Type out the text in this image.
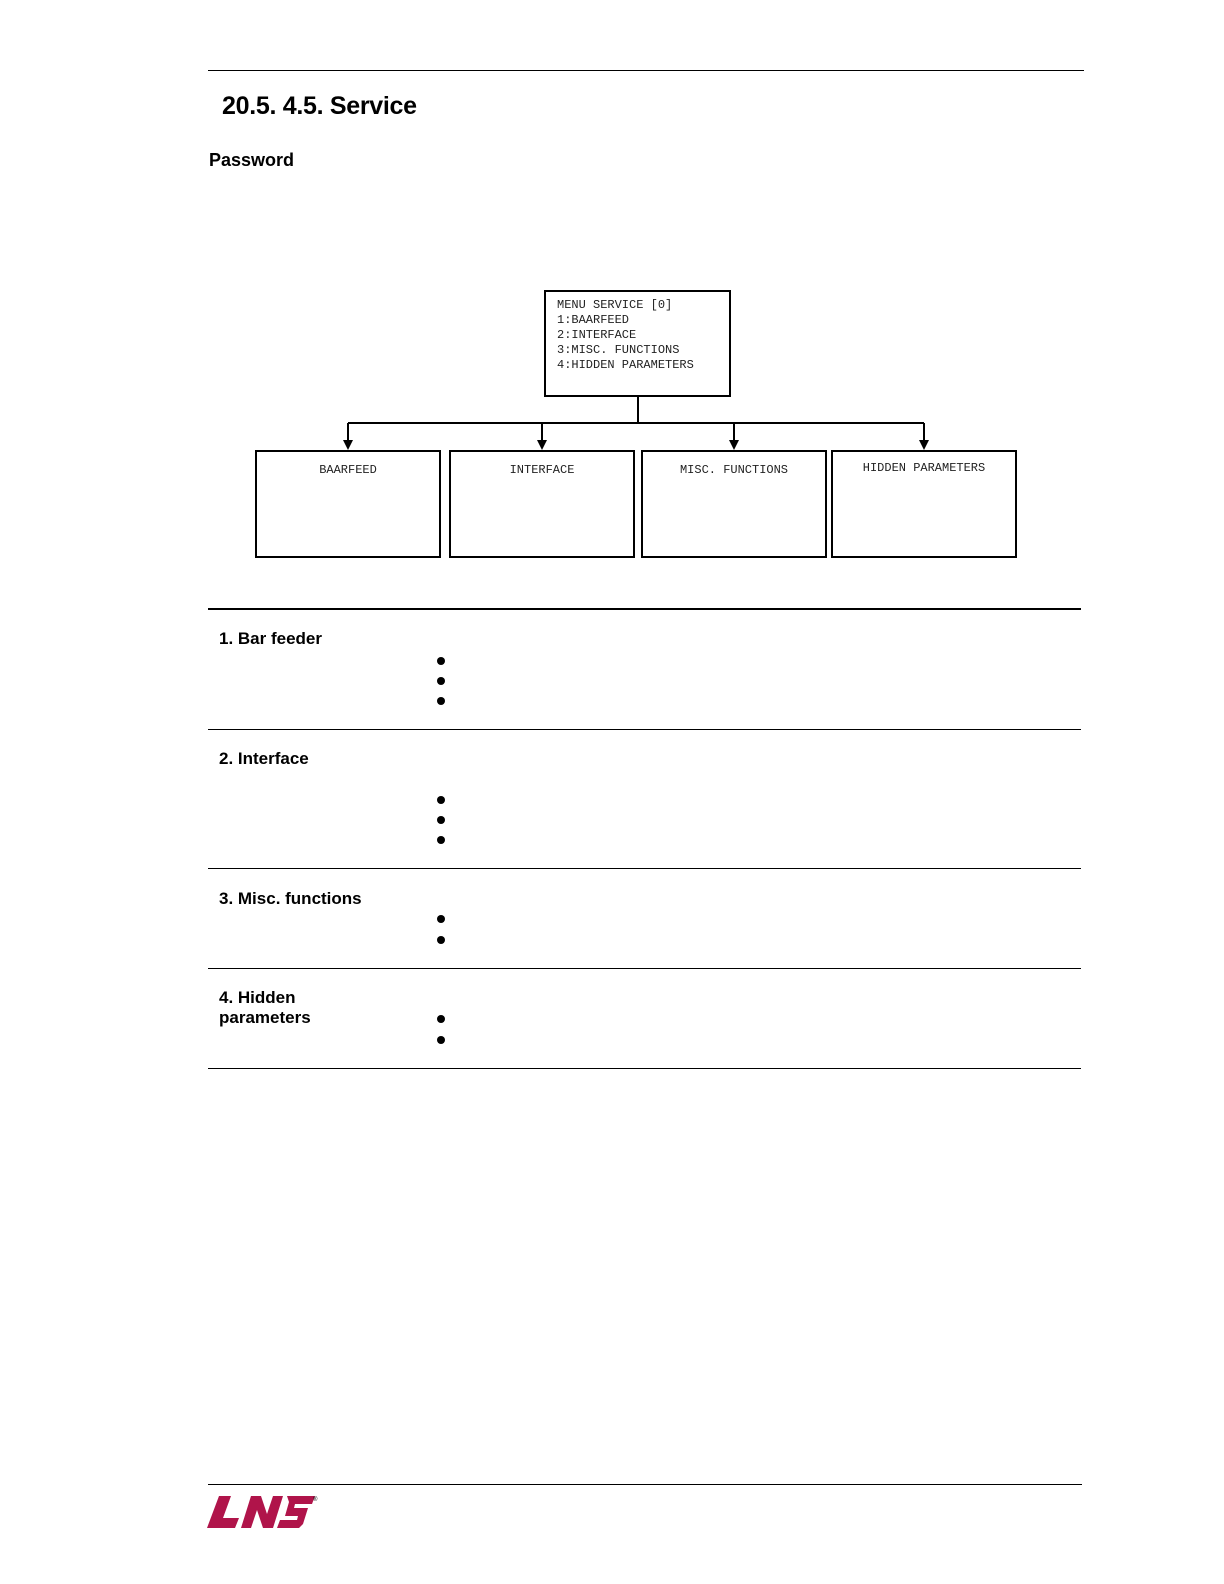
20.5. 4.5. Service
Password
MENU SERVICE [0]
1:BAARFEED
2:INTERFACE
3:MISC. FUNCTIONS
4:HIDDEN PARAMETERS
BAARFEED	INTERFACE	MISC. FUNCTIONS	HIDDEN PARAMETERS
1. Bar feeder
2. Interface
3. Misc. functions
4. Hidden
parameters
®
